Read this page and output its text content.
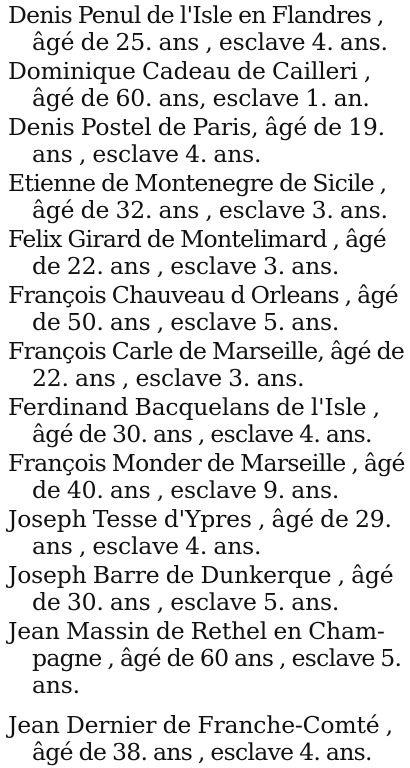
Denis Penul de l'Isle en Flandres ,
âgé de 25. ans , esclave 4. ans.
Dominique Cadeau de Cailleri ,
âgé de 60. ans, esclave 1. an.
Denis Postel de Paris, âgé de 19.
ans , esclave 4. ans.
Etienne de Montenegre de Sicile ,
âgé de 32. ans , esclave 3. ans.
Felix Girard de Montelimard , âgé
de 22. ans , esclave 3. ans.
François Chauveau d Orleans , âgé
de 50. ans , esclave 5. ans.
François Carle de Marseille, âgé de
22. ans , esclave 3. ans.
Ferdinand Bacquelans de l'Isle ,
âgé de 30. ans , esclave 4. ans.
François Monder de Marseille , âgé
de 40. ans , esclave 9. ans.
Joseph Tesse d'Ypres , âgé de 29.
ans , esclave 4. ans.
Joseph Barre de Dunkerque , âgé
de 30. ans , esclave 5. ans.
Jean Massin de Rethel en Cham-
pagne , âgé de 60 ans , esclave 5.
ans.
Jean Dernier de Franche-Comté ,
âgé de 38. ans , esclave 4. ans.
